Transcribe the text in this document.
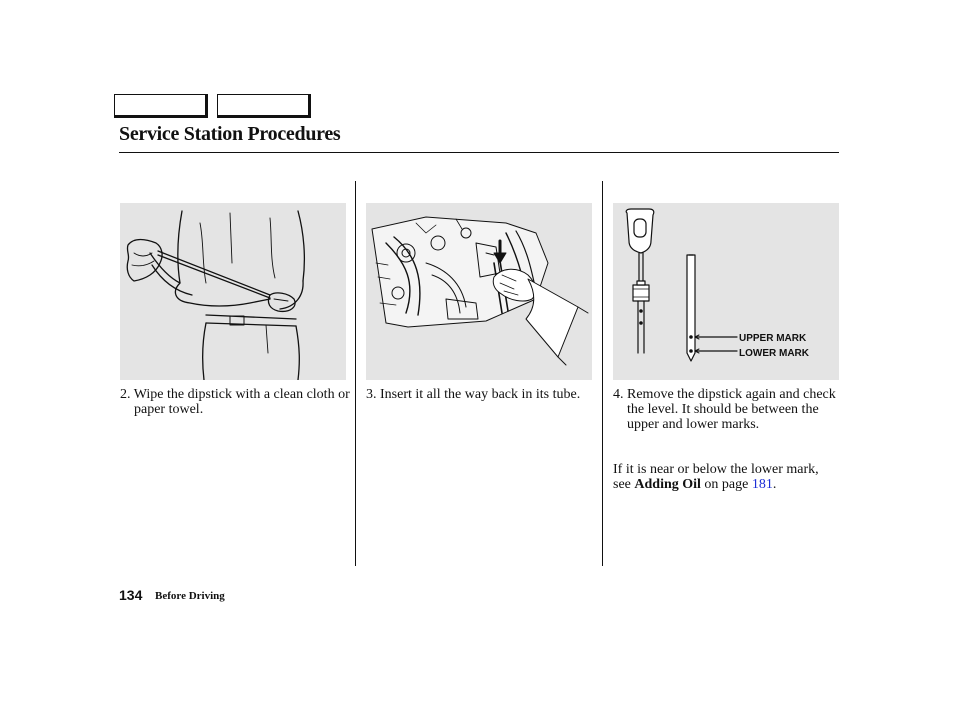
Service Station Procedures
UPPER MARK
LOWER MARK
2. Wipe the dipstick with a clean cloth or paper towel.
3. Insert it all the way back in its tube.	4. Remove the dipstick again and check the level. It should be between the upper and lower marks.
If it is near or below the lower mark, see Adding Oil on page 181.
134 Before Driving
